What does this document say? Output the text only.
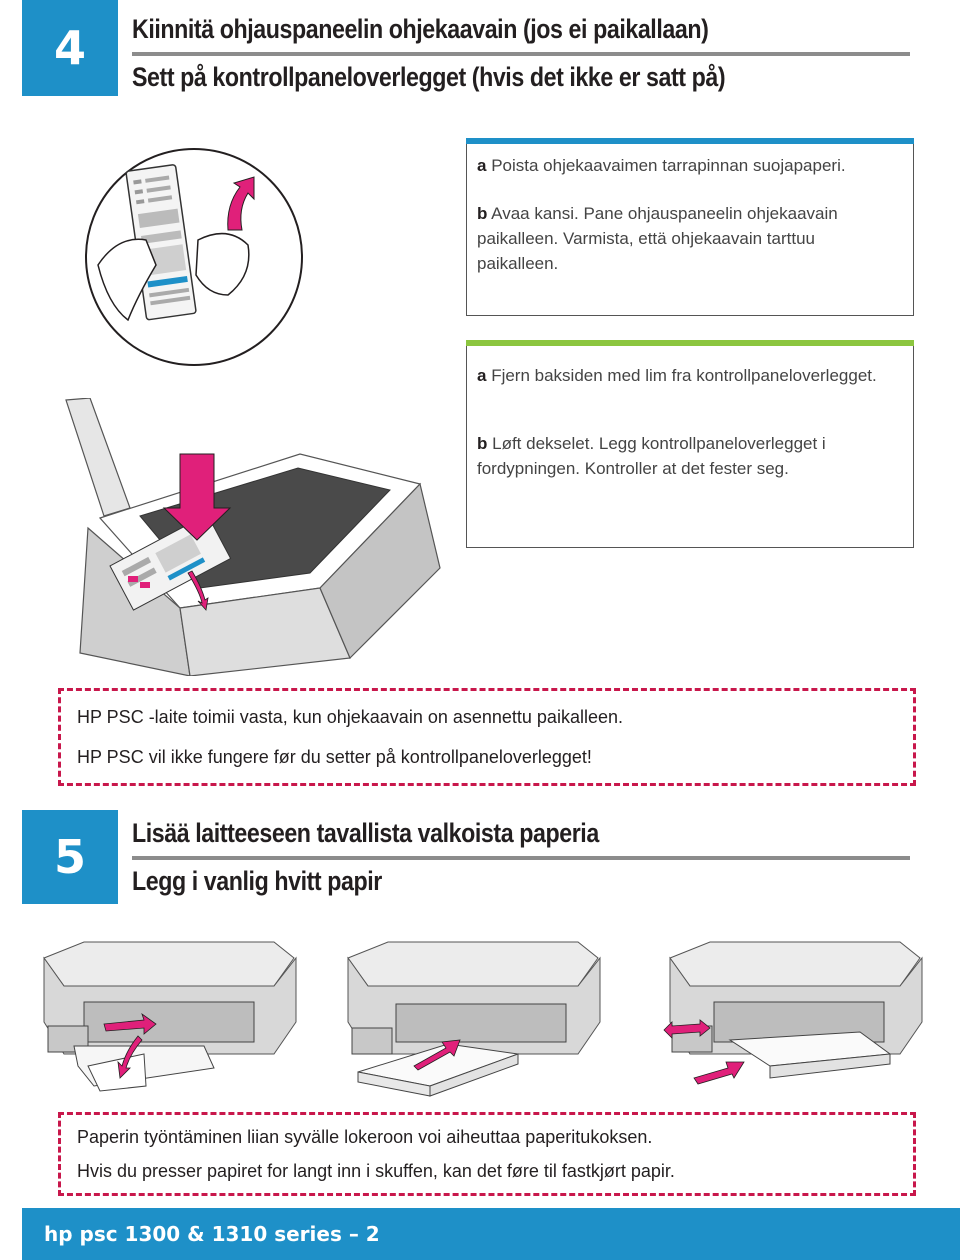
4	Kiinnitä ohjauspaneelin ohjekaavain (jos ei paikallaan)
Sett på kontrollpaneloverlegget (hvis det ikke er satt på)

a Poista ohjekaavaimen tarrapinnan suojapaperi.

b Avaa kansi. Pane ohjauspaneelin ohjekaavain paikalleen. Varmista, että ohjekaavain tarttuu paikalleen.

a Fjern baksiden med lim fra kontrollpaneloverlegget.

b Løft dekselet. Legg kontrollpaneloverlegget i fordypningen. Kontroller at det fester seg.

HP PSC -laite toimii vasta, kun ohjekaavain on asennettu paikalleen.

HP PSC vil ikke fungere før du setter på kontrollpaneloverlegget!

5	Lisää laitteeseen tavallista valkoista paperia
Legg i vanlig hvitt papir

Paperin työntäminen liian syvälle lokeroon voi aiheuttaa paperitukoksen.

Hvis du presser papiret for langt inn i skuffen, kan det føre til fastkjørt papir.

hp psc 1300 & 1310 series – 2
